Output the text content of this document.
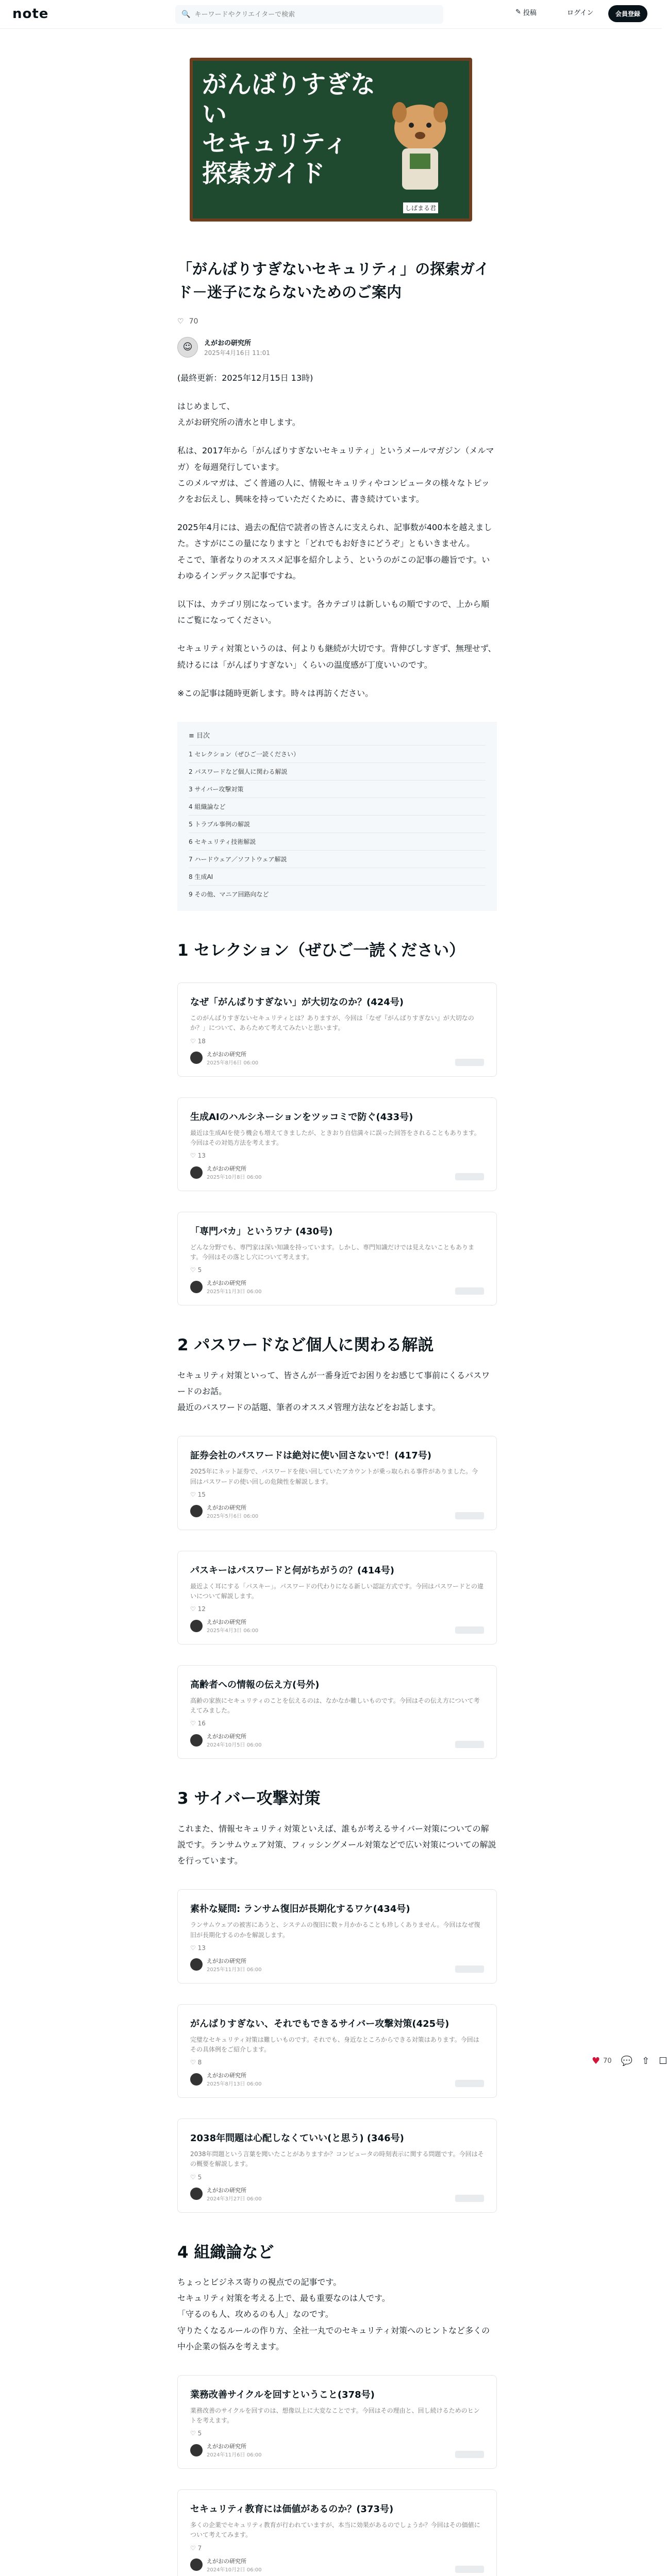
note	🔍
キーワードやクリエイターで検索	✎ 投稿	ログイン	会員登録
がんばりすぎない
セキュリティ
探索ガイド
しばまる君
「がんばりすぎないセキュリティ」の探索ガイド－迷子にならないためのご案内
♡ 70
☺	えがおの研究所
2025年4月16日 11:01

(最終更新：2025年12月15日 13時)

はじめまして、
えがお研究所の清水と申します。

私は、2017年から「がんばりすぎないセキュリティ」というメールマガジン（メルマガ）を毎週発行しています。
このメルマガは、ごく普通の人に、情報セキュリティやコンピュータの様々なトピックをお伝えし、興味を持っていただくために、書き続けています。

2025年4月には、過去の配信で読者の皆さんに支えられ、記事数が400本を越えました。さすがにこの量になりますと「どれでもお好きにどうぞ」ともいきません。
そこで、筆者なりのオススメ記事を紹介しよう、というのがこの記事の趣旨です。いわゆるインデックス記事ですね。

以下は、カテゴリ別になっています。各カテゴリは新しいもの順ですので、上から順にご覧になってください。

セキュリティ対策というのは、何よりも継続が大切です。背伸びしすぎず、無理せず、続けるには「がんばりすぎない」くらいの温度感が丁度いいのです。

※この記事は随時更新します。時々は再訪ください。

≡ 目次
1 セレクション（ぜひご一読ください）
2 パスワードなど個人に関わる解説
3 サイバー攻撃対策
4 組織論など
5 トラブル事例の解説
6 セキュリティ技術解説
7 ハードウェア／ソフトウェア解説
8 生成AI
9 その他、マニア回路向など
1 セレクション（ぜひご一読ください）
なぜ「がんばりすぎない」が大切なのか？(424号)
このがんばりすぎないセキュリティとは？ありますが、今回は「なぜ『がんばりすぎない』が大切なのか？」について、あらためて考えてみたいと思います。
♡ 18
えがおの研究所
2025年8月6日 06:00
生成AIのハルシネーションをツッコミで防ぐ(433号)
最近は生成AIを使う機会も増えてきましたが、ときおり自信満々に誤った回答をされることもあります。今回はその対処方法を考えます。
♡ 13
えがおの研究所
2025年10月8日 06:00
「専門バカ」というワナ (430号)
どんな分野でも、専門家は深い知識を持っています。しかし、専門知識だけでは見えないこともあります。今回はその落とし穴について考えます。
♡ 5
えがおの研究所
2025年11月3日 06:00
2 パスワードなど個人に関わる解説
セキュリティ対策といって、皆さんが一番身近でお困りをお感じて事前にくるパスワードのお話。
最近のパスワードの話題、筆者のオススメ管理方法などをお話します。
証券会社のパスワードは絶対に使い回さないで！(417号)
2025年にネット証券で、パスワードを使い回していたアカウントが乗っ取られる事件がありました。今回はパスワードの使い回しの危険性を解説します。
♡ 15
えがおの研究所
2025年5月6日 06:00
パスキーはパスワードと何がちがうの？(414号)
最近よく耳にする「パスキー」。パスワードの代わりになる新しい認証方式です。今回はパスワードとの違いについて解説します。
♡ 12
えがおの研究所
2025年4月3日 06:00
高齢者への情報の伝え方(号外)
高齢の家族にセキュリティのことを伝えるのは、なかなか難しいものです。今回はその伝え方について考えてみました。
♡ 16
えがおの研究所
2024年10月5日 06:00
3 サイバー攻撃対策
これまた、情報セキュリティ対策といえば、誰もが考えるサイバー対策についての解説です。ランサムウェア対策、フィッシングメール対策などで広い対策についての解説を行っています。
素朴な疑問: ランサム復旧が長期化するワケ(434号)
ランサムウェアの被害にあうと、システムの復旧に数ヶ月かかることも珍しくありません。今回はなぜ復旧が長期化するのかを解説します。
♡ 13
えがおの研究所
2025年11月3日 06:00
がんばりすぎない、それでもできるサイバー攻撃対策(425号)
完璧なセキュリティ対策は難しいものです。それでも、身近なところからできる対策はあります。今回はその具体例をご紹介します。
♡ 8
えがおの研究所
2025年8月13日 06:00
2038年問題は心配しなくていい(と思う) (346号)
2038年問題という言葉を聞いたことがありますか？コンピュータの時刻表示に関する問題です。今回はその概要を解説します。
♡ 5
えがおの研究所
2024年3月27日 06:00
4 組織論など
ちょっとビジネス寄りの視点での記事です。
セキュリティ対策を考える上で、最も重要なのは人です。
「守るのも人、攻めるのも人」なのです。
守りたくなるルールの作り方、全社一丸でのセキュリティ対策へのヒントなど多くの中小企業の悩みを考えます。
業務改善サイクルを回すということ(378号)
業務改善のサイクルを回すのは、想像以上に大変なことです。今回はその理由と、回し続けるためのヒントを考えます。
♡ 5
えがおの研究所
2024年11月6日 06:00
セキュリティ教育には価値があるのか？(373号)
多くの企業でセキュリティ教育が行われていますが、本当に効果があるのでしょうか？今回はその価値について考えてみます。
♡ 7
えがおの研究所
2024年10月2日 06:00
♥ 70 💬 ⇧ ☐
